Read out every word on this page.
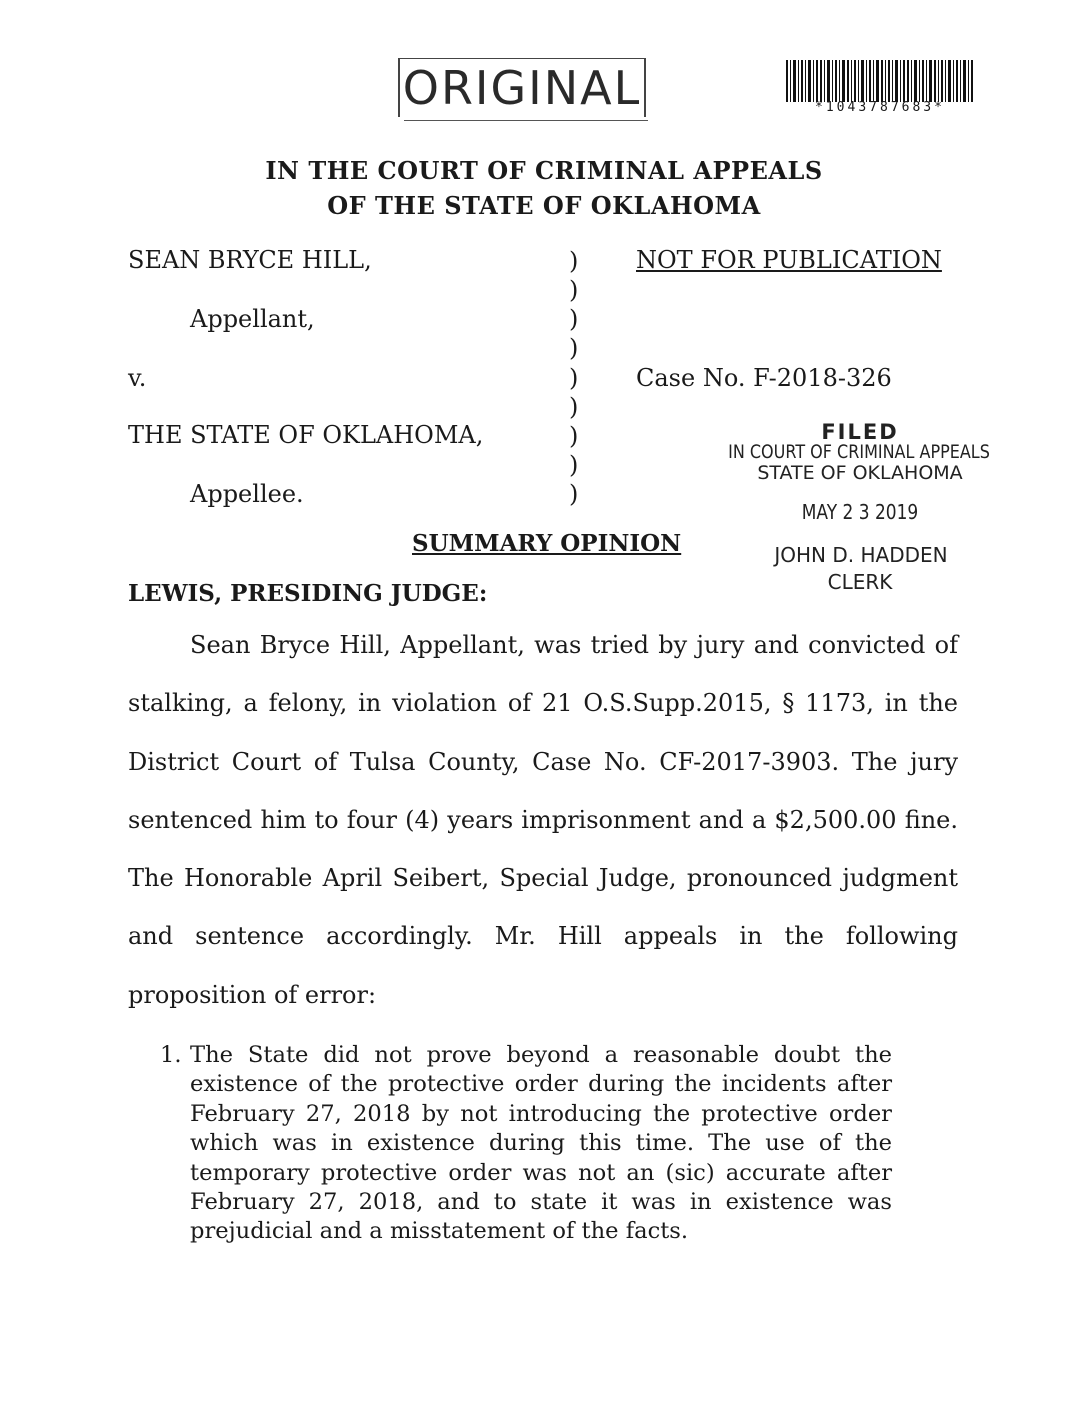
ORIGINAL	*1043787683*
IN THE COURT OF CRIMINAL APPEALS
OF THE STATE OF OKLAHOMA
SEAN BRYCE HILL,
Appellant,
v.
THE STATE OF OKLAHOMA,
Appellee.
)
)
)
)
)
)
)
)
)
NOT FOR PUBLICATION
Case No. F-2018-326
FILED
IN COURT OF CRIMINAL APPEALS
STATE OF OKLAHOMA
MAY 2 3 2019
JOHN D. HADDEN
CLERK
SUMMARY OPINION
LEWIS, PRESIDING JUDGE:
Sean Bryce Hill, Appellant, was tried by jury and convicted of stalking, a felony, in violation of 21 O.S.Supp.2015, § 1173, in the District Court of Tulsa County, Case No. CF-2017-3903. The jury sentenced him to four (4) years imprisonment and a $2,500.00 fine. The Honorable April Seibert, Special Judge, pronounced judgment and sentence accordingly. Mr. Hill appeals in the following proposition of error:
1. The State did not prove beyond a reasonable doubt the existence of the protective order during the incidents after February 27, 2018 by not introducing the protective order which was in existence during this time. The use of the temporary protective order was not an (sic) accurate after February 27, 2018, and to state it was in existence was prejudicial and a misstatement of the facts.
